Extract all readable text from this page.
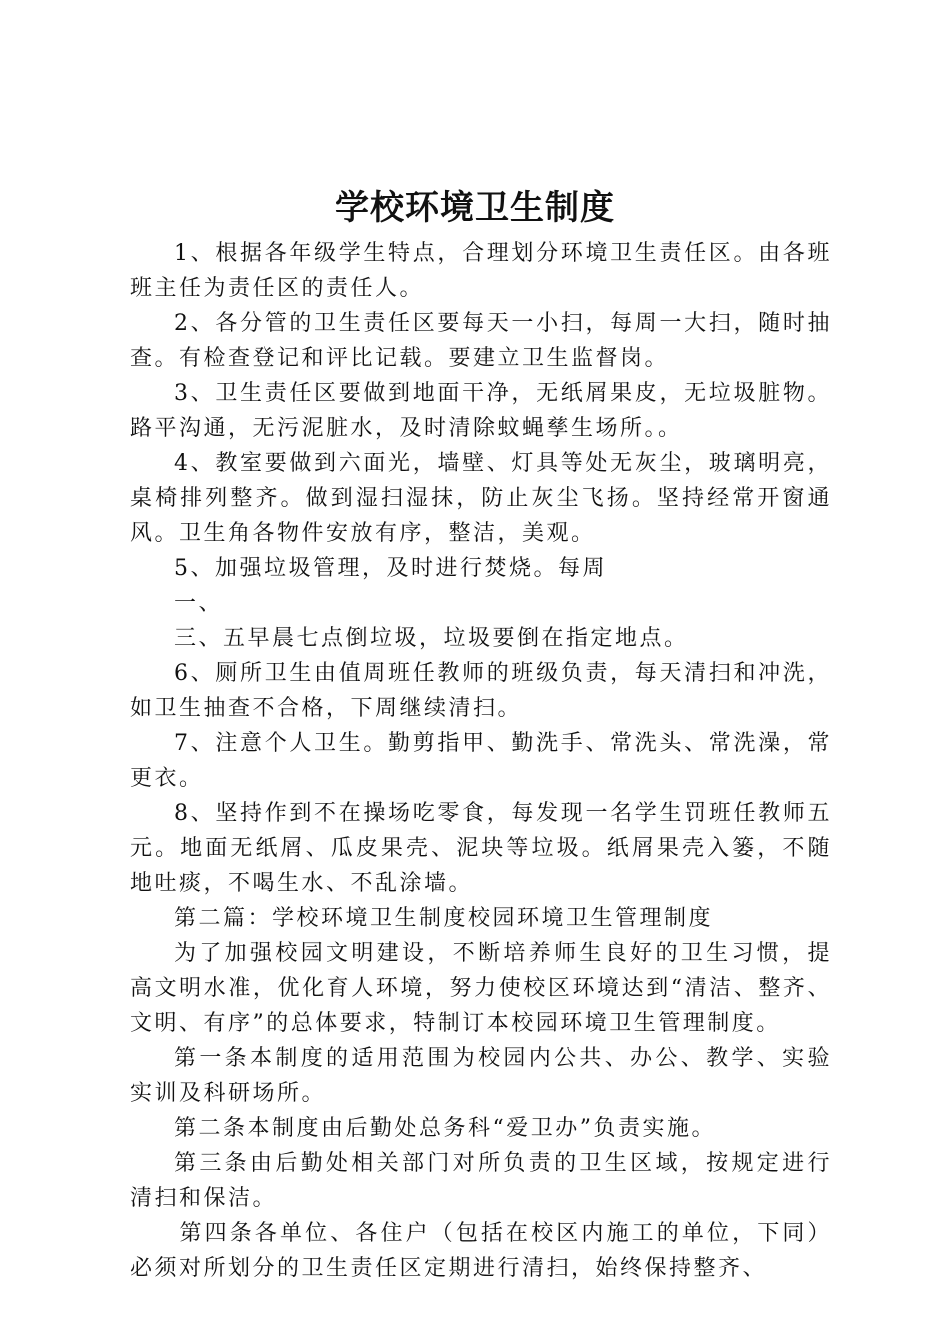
学校环境卫生制度

1、根据各年级学生特点，合理划分环境卫生责任区。由各班班主任为责任区的责任人。

2、各分管的卫生责任区要每天一小扫，每周一大扫，随时抽查。有检查登记和评比记载。要建立卫生监督岗。

3、卫生责任区要做到地面干净，无纸屑果皮，无垃圾脏物。路平沟通，无污泥脏水，及时清除蚊蝇孳生场所。。

4、教室要做到六面光，墙壁、灯具等处无灰尘，玻璃明亮，桌椅排列整齐。做到湿扫湿抹，防止灰尘飞扬。坚持经常开窗通风。卫生角各物件安放有序，整洁，美观。

5、加强垃圾管理，及时进行焚烧。每周

一、

三、五早晨七点倒垃圾，垃圾要倒在指定地点。

6、厕所卫生由值周班任教师的班级负责，每天清扫和冲洗，如卫生抽查不合格，下周继续清扫。

7、注意个人卫生。勤剪指甲、勤洗手、常洗头、常洗澡，常更衣。

8、坚持作到不在操场吃零食，每发现一名学生罚班任教师五元。地面无纸屑、瓜皮果壳、泥块等垃圾。纸屑果壳入篓，不随地吐痰，不喝生水、不乱涂墙。

第二篇：学校环境卫生制度校园环境卫生管理制度

为了加强校园文明建设，不断培养师生良好的卫生习惯，提高文明水准，优化育人环境，努力使校区环境达到“清洁、整齐、文明、有序”的总体要求，特制订本校园环境卫生管理制度。

第一条本制度的适用范围为校园内公共、办公、教学、实验实训及科研场所。

第二条本制度由后勤处总务科“爱卫办”负责实施。

第三条由后勤处相关部门对所负责的卫生区域，按规定进行清扫和保洁。

第四条各单位、各住户（包括在校区内施工的单位，下同）必须对所划分的卫生责任区定期进行清扫，始终保持整齐、
